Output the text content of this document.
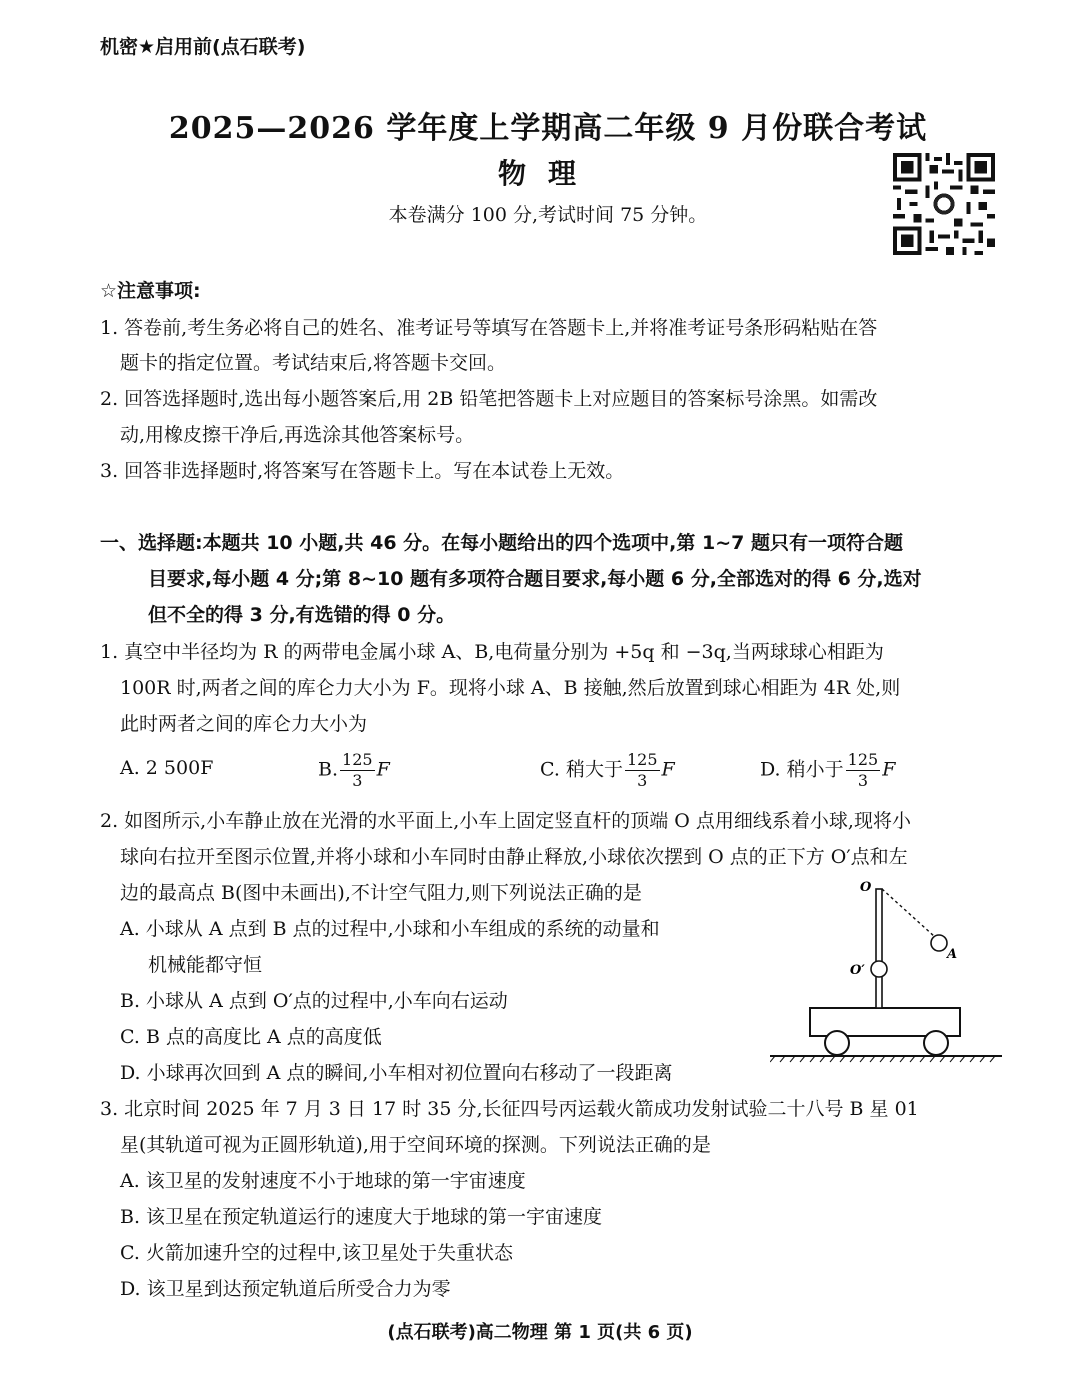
机密★启用前(点石联考)
2025—2026 学年度上学期高二年级 9 月份联合考试
物理
本卷满分 100 分,考试时间 75 分钟。
☆注意事项:
1. 答卷前,考生务必将自己的姓名、准考证号等填写在答题卡上,并将准考证号条形码粘贴在答
题卡的指定位置。考试结束后,将答题卡交回。
2. 回答选择题时,选出每小题答案后,用 2B 铅笔把答题卡上对应题目的答案标号涂黑。如需改
动,用橡皮擦干净后,再选涂其他答案标号。
3. 回答非选择题时,将答案写在答题卡上。写在本试卷上无效。
一、选择题:本题共 10 小题,共 46 分。在每小题给出的四个选项中,第 1~7 题只有一项符合题
目要求,每小题 4 分;第 8~10 题有多项符合题目要求,每小题 6 分,全部选对的得 6 分,选对
但不全的得 3 分,有选错的得 0 分。
1. 真空中半径均为 R 的两带电金属小球 A、B,电荷量分别为 +5q 和 −3q,当两球球心相距为
100R 时,两者之间的库仑力大小为 F。现将小球 A、B 接触,然后放置到球心相距为 4R 处,则
此时两者之间的库仑力大小为
A. 2 500F	B. $\frac{125}{3}$ F	C. 稍大于 $\frac{125}{3}$ F	D. 稍小于 $\frac{125}{3}$ F
2. 如图所示,小车静止放在光滑的水平面上,小车上固定竖直杆的顶端 O 点用细线系着小球,现将小
球向右拉开至图示位置,并将小球和小车同时由静止释放,小球依次摆到 O 点的正下方 O′点和左
边的最高点 B(图中未画出),不计空气阻力,则下列说法正确的是
A. 小球从 A 点到 B 点的过程中,小球和小车组成的系统的动量和
机械能都守恒
B. 小球从 A 点到 O′点的过程中,小车向右运动
C. B 点的高度比 A 点的高度低
D. 小球再次回到 A 点的瞬间,小车相对初位置向右移动了一段距离
O
O′
A
3. 北京时间 2025 年 7 月 3 日 17 时 35 分,长征四号丙运载火箭成功发射试验二十八号 B 星 01
星(其轨道可视为正圆形轨道),用于空间环境的探测。下列说法正确的是
A. 该卫星的发射速度不小于地球的第一宇宙速度
B. 该卫星在预定轨道运行的速度大于地球的第一宇宙速度
C. 火箭加速升空的过程中,该卫星处于失重状态
D. 该卫星到达预定轨道后所受合力为零
(点石联考)高二物理 第 1 页(共 6 页)
